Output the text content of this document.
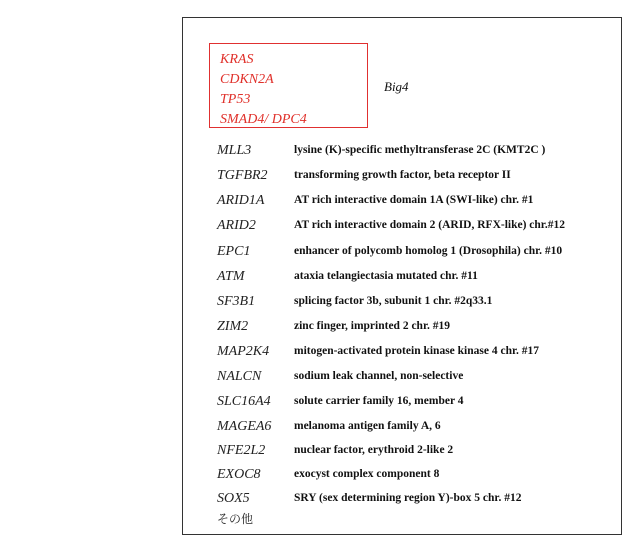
KRAS
CDKN2A
TP53
SMAD4/ DPC4
Big4
MLL3	lysine (K)-specific methyltransferase 2C (KMT2C )
TGFBR2 transforming growth factor, beta receptor II
ARID1A	AT rich interactive domain 1A (SWI-like) chr. #1
ARID2	AT rich interactive domain 2 (ARID, RFX-like) chr.#12
EPC1	enhancer of polycomb homolog 1 (Drosophila) chr. #10
ATM	ataxia telangiectasia mutated chr. #11
SF3B1	splicing factor 3b, subunit 1 chr. #2q33.1
ZIM2	zinc finger, imprinted 2 chr. #19
MAP2K4 mitogen-activated protein kinase kinase 4 chr. #17
NALCN	sodium leak channel, non-selective
SLC16A4 solute carrier family 16, member 4
MAGEA6 melanoma antigen family A, 6
NFE2L2	nuclear factor, erythroid 2-like 2
EXOC8	exocyst complex component 8
SOX5	SRY (sex determining region Y)-box 5 chr. #12
その他
